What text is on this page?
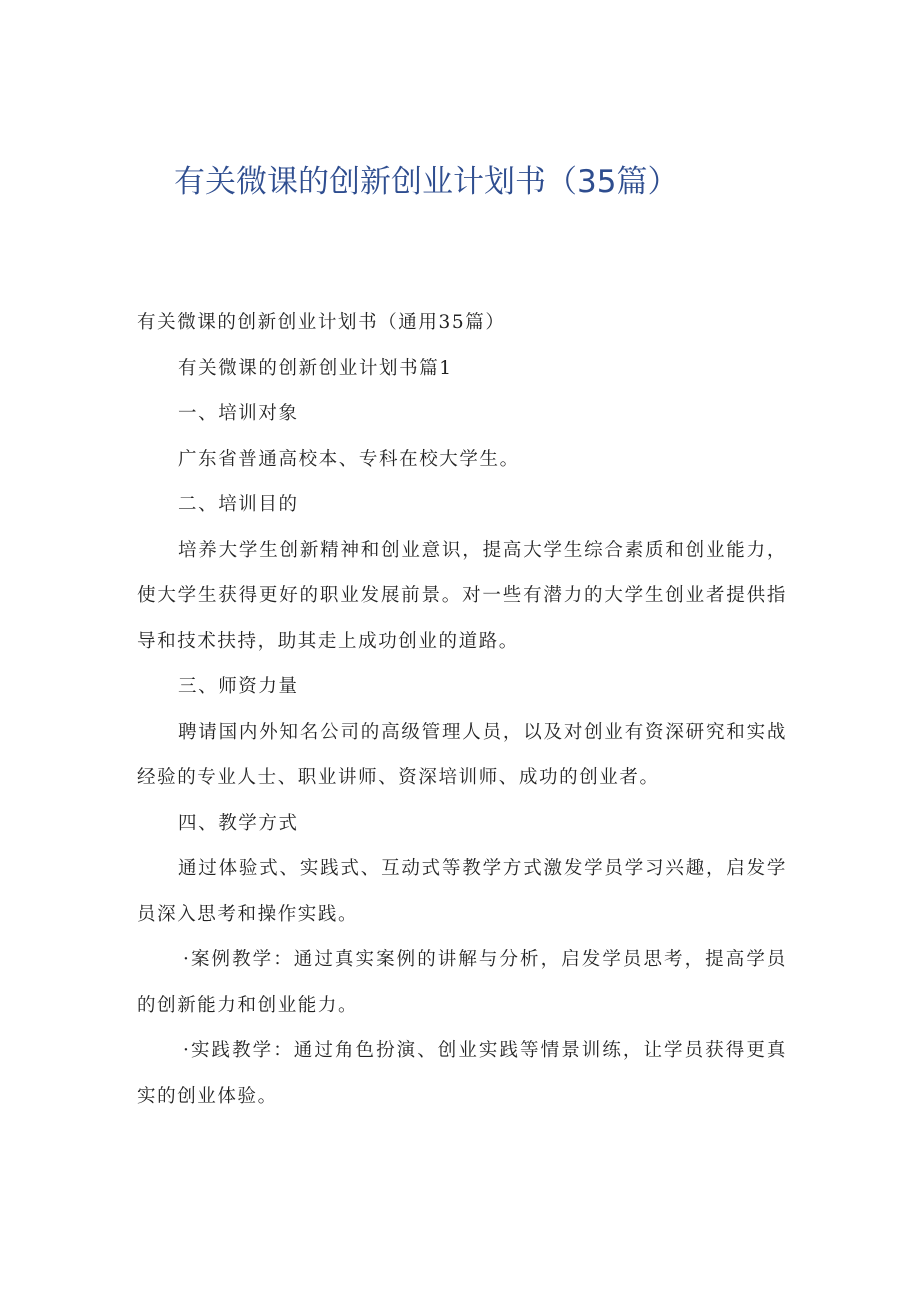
有关微课的创新创业计划书（35篇）

有关微课的创新创业计划书（通用35篇）

有关微课的创新创业计划书篇1

一、培训对象

广东省普通高校本、专科在校大学生。

二、培训目的

培养大学生创新精神和创业意识，提高大学生综合素质和创业能力，使大学生获得更好的职业发展前景。对一些有潜力的大学生创业者提供指导和技术扶持，助其走上成功创业的道路。

三、师资力量

聘请国内外知名公司的高级管理人员，以及对创业有资深研究和实战经验的专业人士、职业讲师、资深培训师、成功的创业者。

四、教学方式

通过体验式、实践式、互动式等教学方式激发学员学习兴趣，启发学员深入思考和操作实践。

·案例教学：通过真实案例的讲解与分析，启发学员思考，提高学员的创新能力和创业能力。

·实践教学：通过角色扮演、创业实践等情景训练，让学员获得更真实的创业体验。
